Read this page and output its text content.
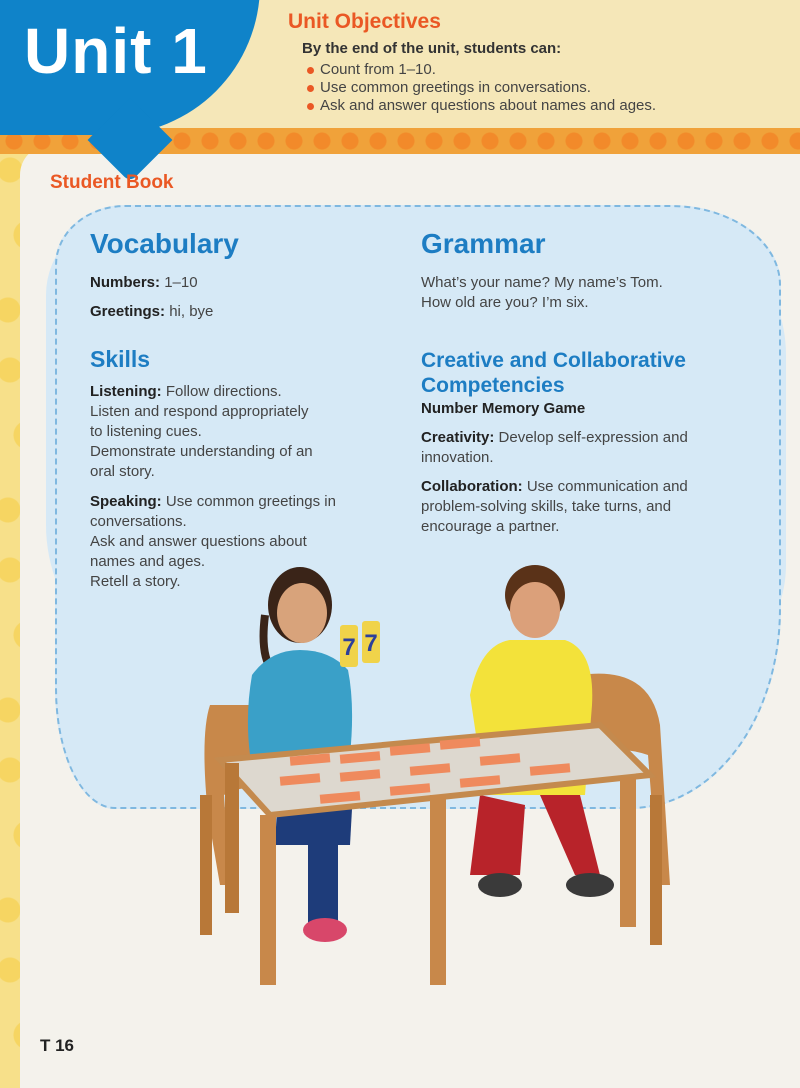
Unit 1	Unit Objectives

By the end of the unit, students can:

Count from 1–10.
Use common greetings in conversations.
Ask and answer questions about names and ages.
Student Book
Vocabulary
Numbers: 1–10
Greetings: hi, bye
Grammar
What’s your name? My name’s Tom.
How old are you? I’m six.
Skills
Listening: Follow directions.
Listen and respond appropriately
to listening cues.
Demonstrate understanding of an
oral story.
Speaking: Use common greetings in
conversations.
Ask and answer questions about
names and ages.
Retell a story.
Creative and Collaborative
Competencies
Number Memory Game
Creativity: Develop self-expression and
innovation.
Collaboration: Use communication and
problem-solving skills, take turns, and
encourage a partner.
7 7
T 16
